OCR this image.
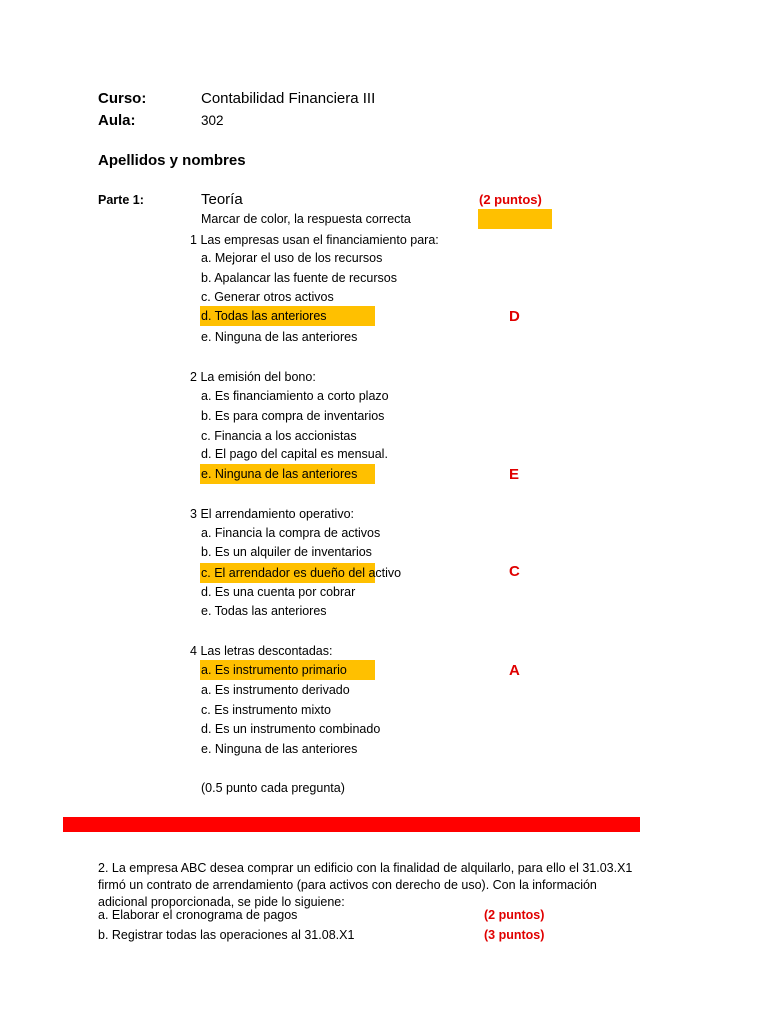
Curso:	Contabilidad Financiera III
Aula:	302
Apellidos y nombres
Parte 1:	Teoría	(2 puntos)
Marcar de color, la respuesta correcta
1 Las empresas usan el financiamiento para:
a. Mejorar el uso de los recursos
b. Apalancar las fuente de recursos
c. Generar otros activos
d. Todas las anteriores
e. Ninguna de las anteriores
D
2 La emisión del bono:
a. Es financiamiento a corto plazo
b. Es para compra de inventarios
c. Financia a los accionistas
d. El pago del capital es mensual.
e. Ninguna de las anteriores	E
3 El arrendamiento operativo:
a. Financia la compra de activos
b. Es un alquiler de inventarios
c. El arrendador es dueño del activo
d. Es una cuenta por cobrar
e. Todas las anteriores
C
4 Las letras descontadas:
a. Es instrumento primario
a. Es instrumento derivado
c. Es instrumento mixto
d. Es un instrumento combinado
e. Ninguna de las anteriores
A
(0.5 punto cada pregunta)
2. La empresa ABC desea comprar un edificio con la finalidad de alquilarlo, para ello el 31.03.X1 firmó un contrato de arrendamiento (para activos con derecho de uso). Con la información adicional proporcionada, se pide lo siguiene:
a. Elaborar el cronograma de pagos	(2 puntos)
b. Registrar todas las operaciones al 31.08.X1	(3 puntos)
